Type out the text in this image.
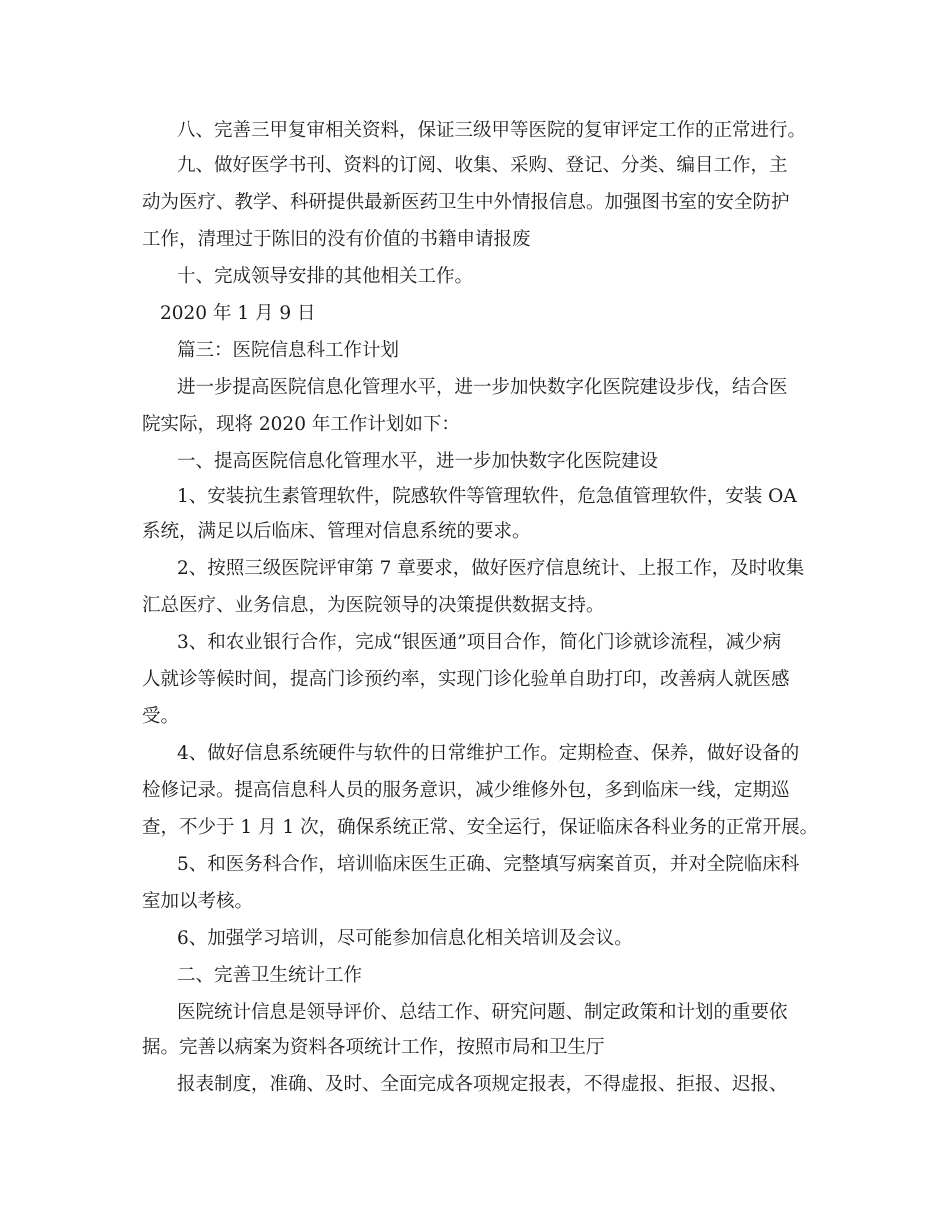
八、完善三甲复审相关资料，保证三级甲等医院的复审评定工作的正常进行。
九、做好医学书刊、资料的订阅、收集、采购、登记、分类、编目工作，主
动为医疗、教学、科研提供最新医药卫生中外情报信息。加强图书室的安全防护
工作，清理过于陈旧的没有价值的书籍申请报废
十、完成领导安排的其他相关工作。
2020 年 1 月 9 日
篇三：医院信息科工作计划
进一步提高医院信息化管理水平，进一步加快数字化医院建设步伐，结合医
院实际，现将 2020 年工作计划如下：
一、提高医院信息化管理水平，进一步加快数字化医院建设
1、安装抗生素管理软件，院感软件等管理软件，危急值管理软件，安装 OA
系统，满足以后临床、管理对信息系统的要求。
2、按照三级医院评审第 7 章要求，做好医疗信息统计、上报工作，及时收集
汇总医疗、业务信息，为医院领导的决策提供数据支持。
3、和农业银行合作，完成“银医通”项目合作，简化门诊就诊流程，减少病
人就诊等候时间，提高门诊预约率，实现门诊化验单自助打印，改善病人就医感
受。
4、做好信息系统硬件与软件的日常维护工作。定期检查、保养，做好设备的
检修记录。提高信息科人员的服务意识，减少维修外包，多到临床一线，定期巡
查，不少于 1 月 1 次，确保系统正常、安全运行，保证临床各科业务的正常开展。
5、和医务科合作，培训临床医生正确、完整填写病案首页，并对全院临床科
室加以考核。
6、加强学习培训，尽可能参加信息化相关培训及会议。
二、完善卫生统计工作
医院统计信息是领导评价、总结工作、研究问题、制定政策和计划的重要依
据。完善以病案为资料各项统计工作，按照市局和卫生厅
报表制度，准确、及时、全面完成各项规定报表，不得虚报、拒报、迟报、
